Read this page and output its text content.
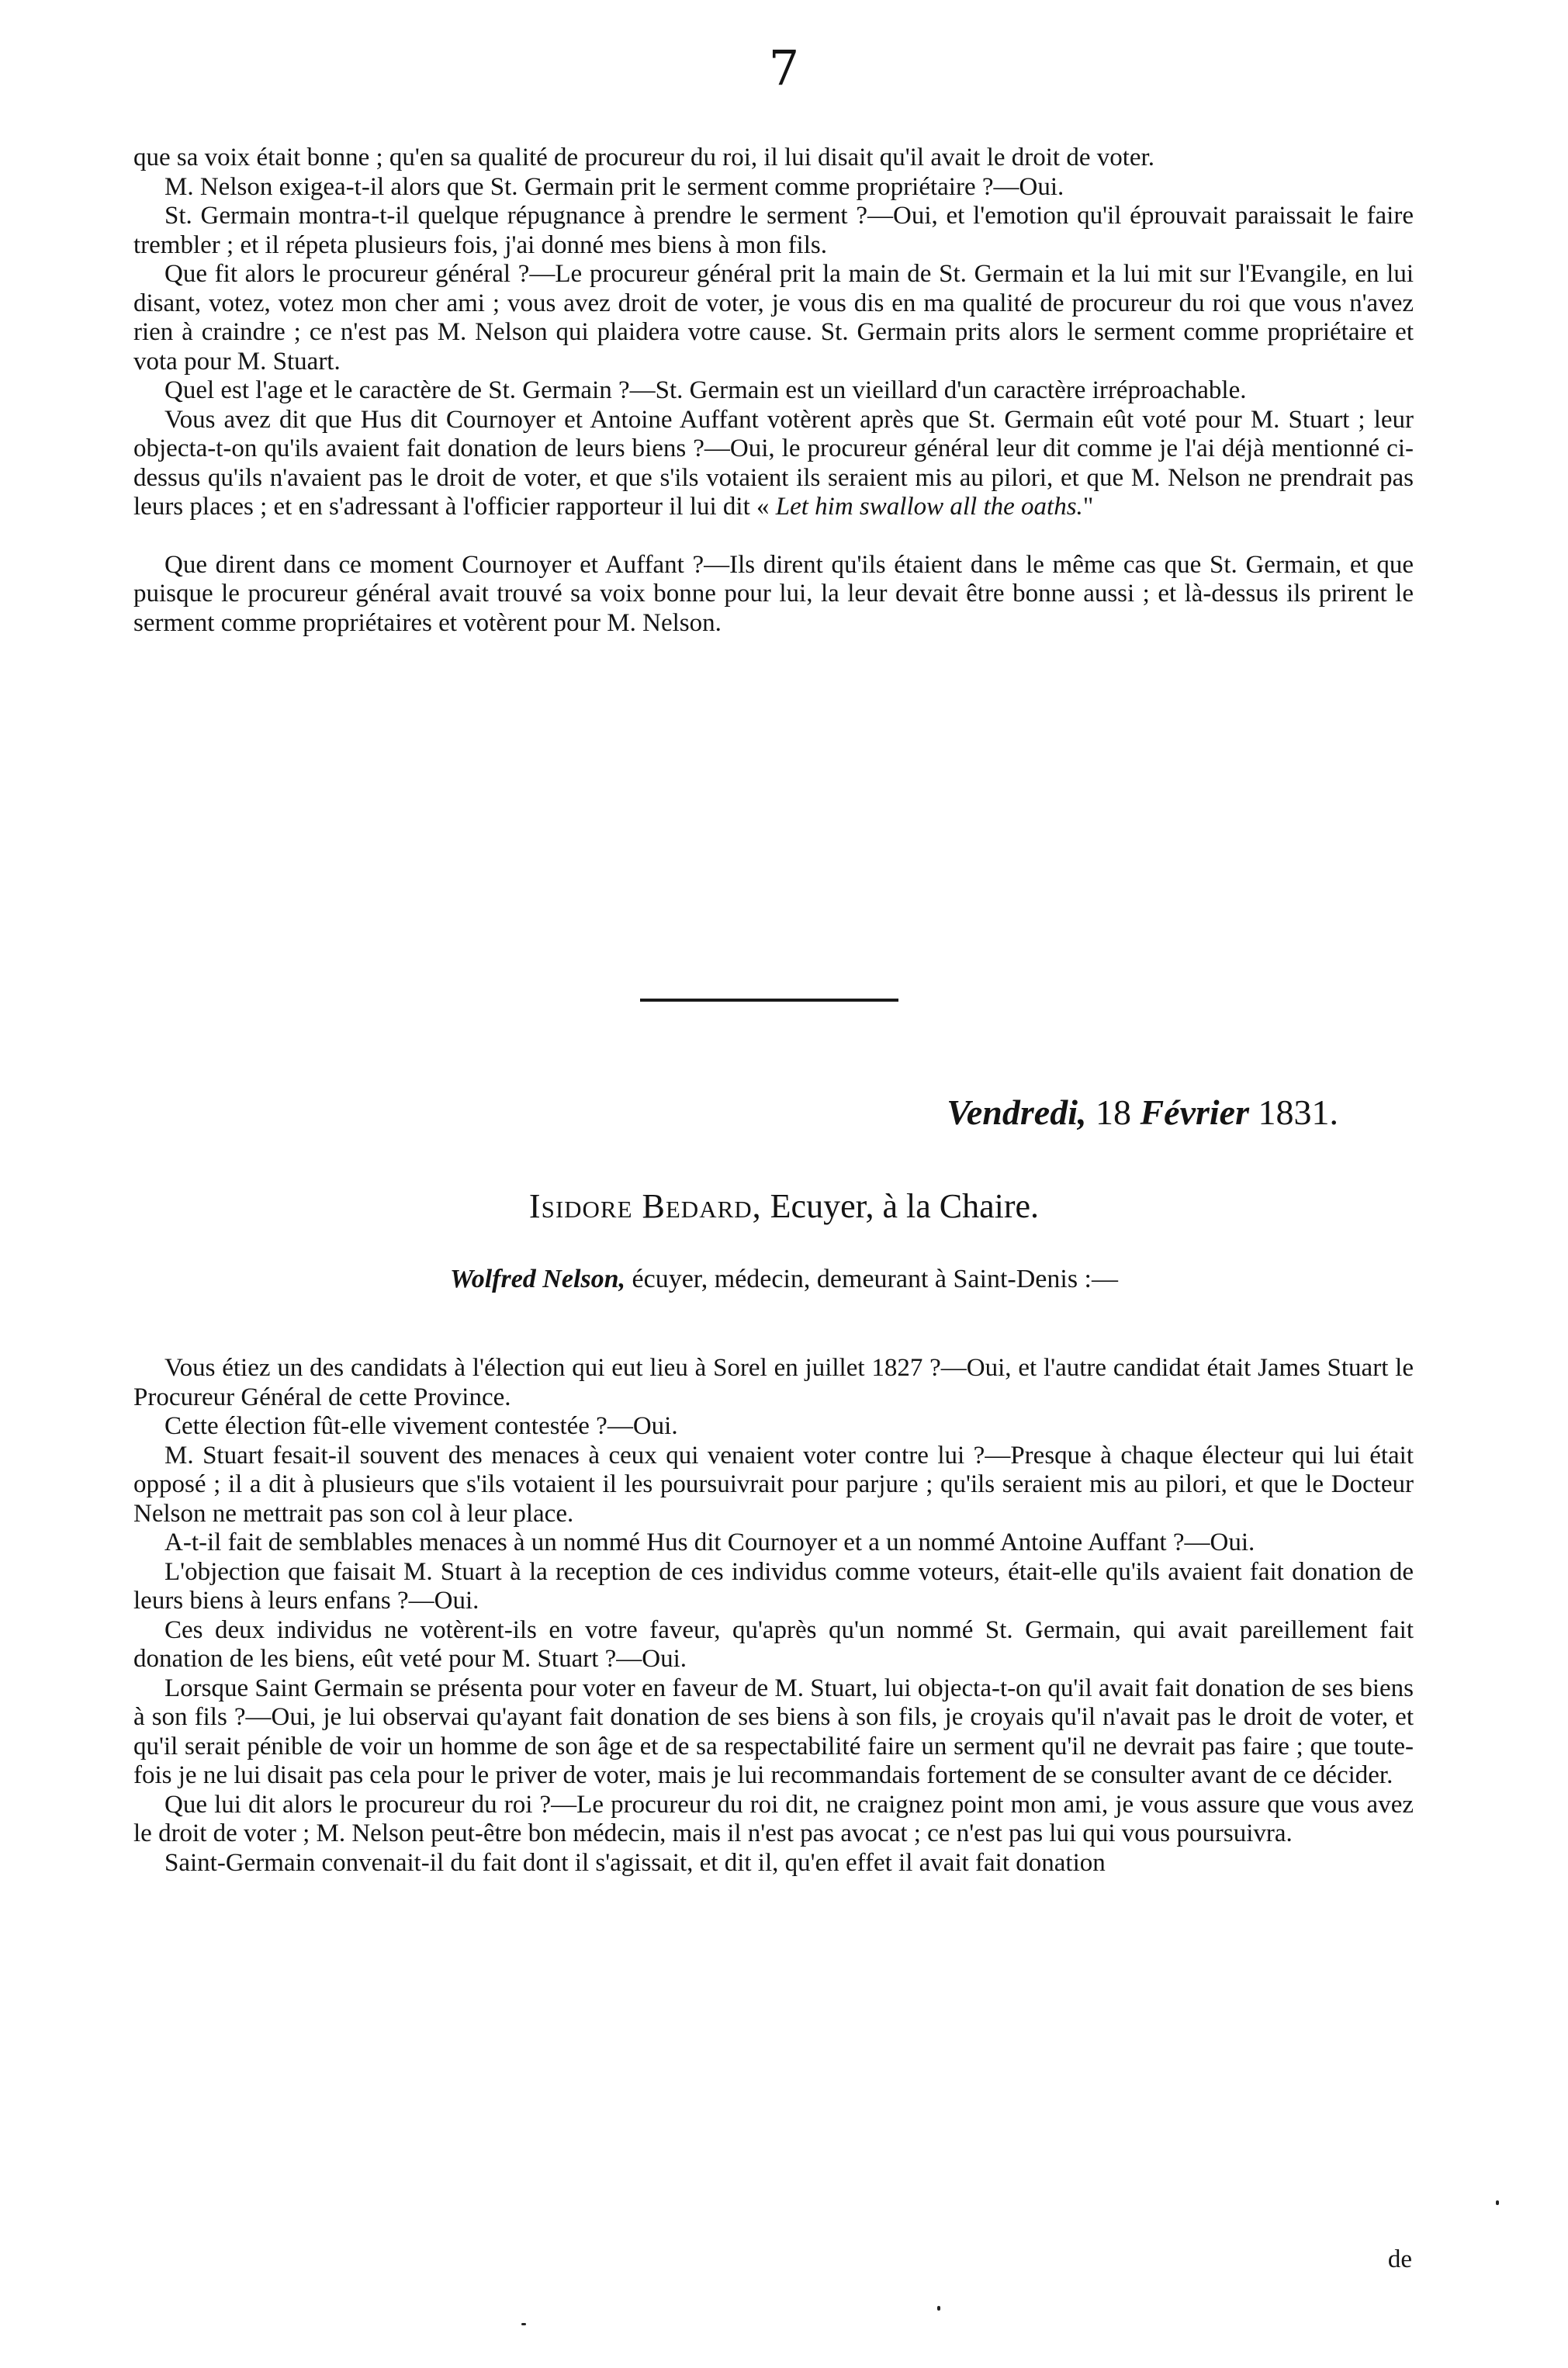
7

que sa voix était bonne ; qu'en sa qualité de procureur du roi, il lui disait qu'il avait le droit de voter.

M. Nelson exigea-t-il alors que St. Germain prit le serment comme propriétaire ?—Oui.

St. Germain montra-t-il quelque répugnance à prendre le serment ?—Oui, et l'emotion qu'il éprouvait paraissait le faire trembler ; et il répeta plusieurs fois, j'ai donné mes biens à mon fils.

Que fit alors le procureur général ?—Le procureur général prit la main de St. Germain et la lui mit sur l'Evangile, en lui disant, votez, votez mon cher ami ; vous avez droit de voter, je vous dis en ma qualité de procureur du roi que vous n'avez rien à craindre ; ce n'est pas M. Nelson qui plaidera votre cause. St. Germain prits alors le serment comme propriétaire et vota pour M. Stuart.

Quel est l'age et le caractère de St. Germain ?—St. Germain est un vieillard d'un caractère irréproachable.

Vous avez dit que Hus dit Cournoyer et Antoine Auffant votèrent après que St. Germain eût voté pour M. Stuart ; leur objecta-t-on qu'ils avaient fait donation de leurs biens ?—Oui, le procureur général leur dit comme je l'ai déjà mentionné ci-dessus qu'ils n'avaient pas le droit de voter, et que s'ils votaient ils seraient mis au pilori, et que M. Nelson ne prendrait pas leurs places ; et en s'adressant à l'officier rapporteur il lui dit « Let him swallow all the oaths."

Que dirent dans ce moment Cournoyer et Auffant ?—Ils dirent qu'ils étaient dans le même cas que St. Germain, et que puisque le procureur général avait trouvé sa voix bonne pour lui, la leur devait être bonne aussi ; et là-dessus ils prirent le serment comme propriétaires et votèrent pour M. Nelson.

Vendredi, 18 Février 1831.
Isidore Bedard, Ecuyer, à la Chaire.
Wolfred Nelson, écuyer, médecin, demeurant à Saint-Denis :—

Vous étiez un des candidats à l'élection qui eut lieu à Sorel en juillet 1827 ?—Oui, et l'autre candidat était James Stuart le Procureur Général de cette Province.

Cette élection fût-elle vivement contestée ?—Oui.

M. Stuart fesait-il souvent des menaces à ceux qui venaient voter contre lui ?—Presque à chaque électeur qui lui était opposé ; il a dit à plusieurs que s'ils votaient il les poursuivrait pour parjure ; qu'ils seraient mis au pilori, et que le Docteur Nelson ne mettrait pas son col à leur place.

A-t-il fait de semblables menaces à un nommé Hus dit Cournoyer et a un nommé Antoine Auffant ?—Oui.

L'objection que faisait M. Stuart à la reception de ces individus comme voteurs, était-elle qu'ils avaient fait donation de leurs biens à leurs enfans ?—Oui.

Ces deux individus ne votèrent-ils en votre faveur, qu'après qu'un nommé St. Germain, qui avait pareillement fait donation de les biens, eût veté pour M. Stuart ?—Oui.

Lorsque Saint Germain se présenta pour voter en faveur de M. Stuart, lui objecta-t-on qu'il avait fait donation de ses biens à son fils ?—Oui, je lui observai qu'ayant fait donation de ses biens à son fils, je croyais qu'il n'avait pas le droit de voter, et qu'il serait pénible de voir un homme de son âge et de sa respectabilité faire un serment qu'il ne devrait pas faire ; que toute-fois je ne lui disait pas cela pour le priver de voter, mais je lui recommandais fortement de se consulter avant de ce décider.

Que lui dit alors le procureur du roi ?—Le procureur du roi dit, ne craignez point mon ami, je vous assure que vous avez le droit de voter ; M. Nelson peut-être bon médecin, mais il n'est pas avocat ; ce n'est pas lui qui vous poursuivra.

Saint-Germain convenait-il du fait dont il s'agissait, et dit il, qu'en effet il avait fait donation

de
